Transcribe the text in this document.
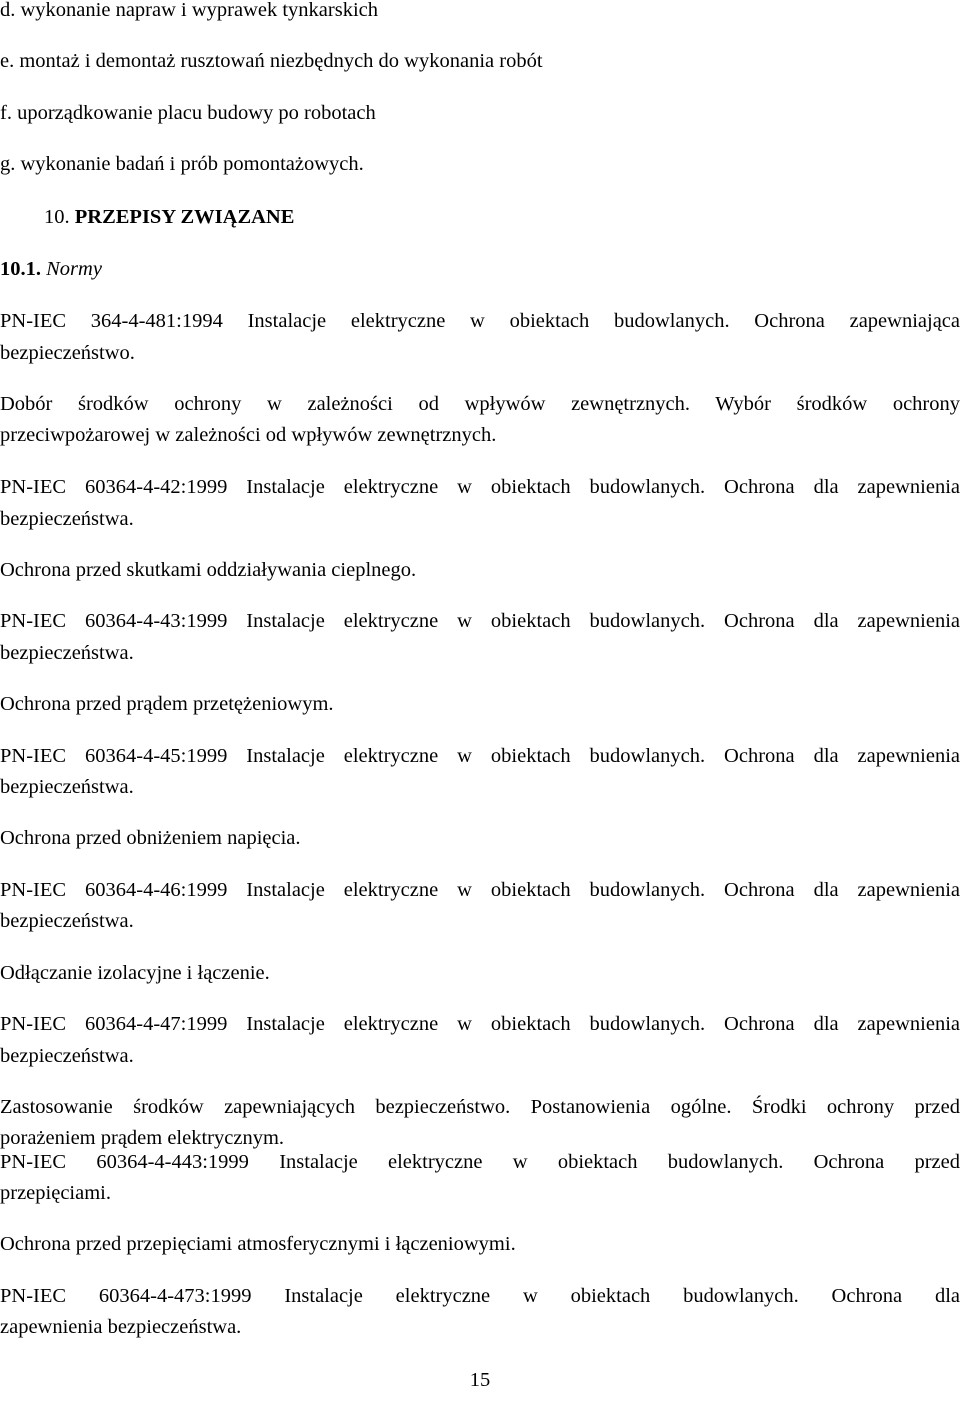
d. wykonanie napraw i wyprawek tynkarskich
e. montaż i demontaż rusztowań niezbędnych do wykonania robót
f. uporządkowanie placu budowy po robotach
g. wykonanie badań i prób pomontażowych.
10. PRZEPISY ZWIĄZANE
10.1. Normy
PN-IEC 364-4-481:1994 Instalacje elektryczne w obiektach budowlanych. Ochrona zapewniająca
bezpieczeństwo.
Dobór środków ochrony w zależności od wpływów zewnętrznych. Wybór środków ochrony
przeciwpożarowej w zależności od wpływów zewnętrznych.
PN-IEC 60364-4-42:1999 Instalacje elektryczne w obiektach budowlanych. Ochrona dla zapewnienia
bezpieczeństwa.
Ochrona przed skutkami oddziaływania cieplnego.
PN-IEC 60364-4-43:1999 Instalacje elektryczne w obiektach budowlanych. Ochrona dla zapewnienia
bezpieczeństwa.
Ochrona przed prądem przetężeniowym.
PN-IEC 60364-4-45:1999 Instalacje elektryczne w obiektach budowlanych. Ochrona dla zapewnienia
bezpieczeństwa.
Ochrona przed obniżeniem napięcia.
PN-IEC 60364-4-46:1999 Instalacje elektryczne w obiektach budowlanych. Ochrona dla zapewnienia
bezpieczeństwa.
Odłączanie izolacyjne i łączenie.
PN-IEC 60364-4-47:1999 Instalacje elektryczne w obiektach budowlanych. Ochrona dla zapewnienia
bezpieczeństwa.
Zastosowanie środków zapewniających bezpieczeństwo. Postanowienia ogólne. Środki ochrony przed
porażeniem prądem elektrycznym.
PN-IEC 60364-4-443:1999 Instalacje elektryczne w obiektach budowlanych. Ochrona przed
przepięciami.
Ochrona przed przepięciami atmosferycznymi i łączeniowymi.
PN-IEC 60364-4-473:1999 Instalacje elektryczne w obiektach budowlanych. Ochrona dla
zapewnienia bezpieczeństwa.
15
